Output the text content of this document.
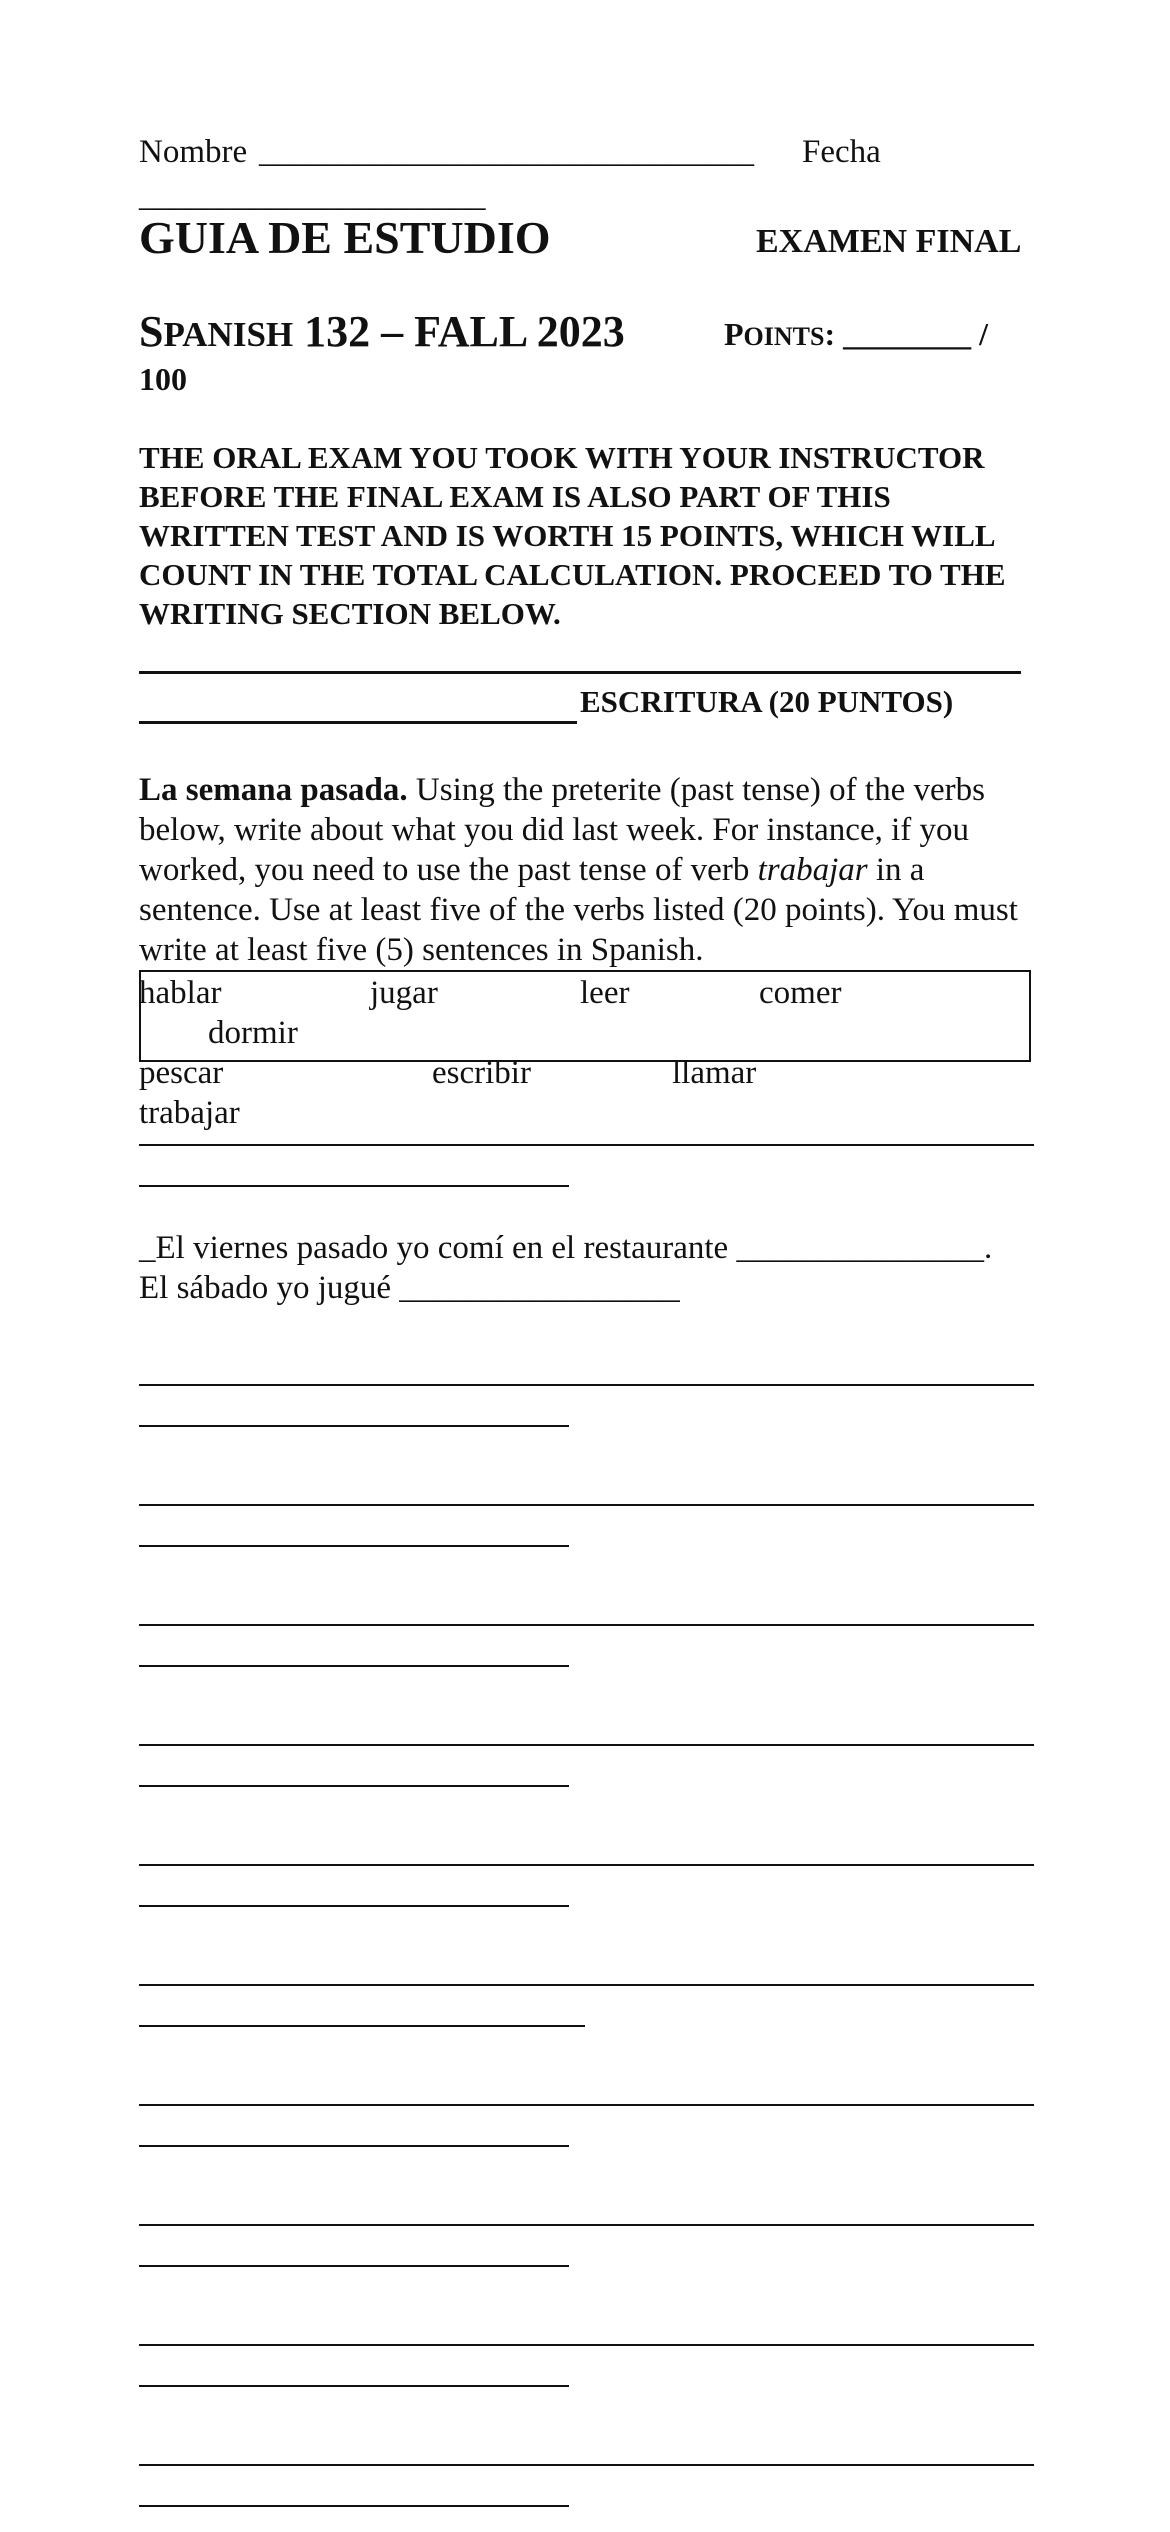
Nombre ______________________________ Fecha
_____________________
GUIA DE ESTUDIO	EXAMEN FINAL
SPANISH 132 – FALL 2023	POINTS: ________ /
100
THE ORAL EXAM YOU TOOK WITH YOUR INSTRUCTOR BEFORE THE FINAL EXAM IS ALSO PART OF THIS WRITTEN TEST AND IS WORTH 15 POINTS, WHICH WILL COUNT IN THE TOTAL CALCULATION. PROCEED TO THE WRITING SECTION BELOW.
ESCRITURA (20 PUNTOS)
La semana pasada. Using the preterite (past tense) of the verbs below, write about what you did last week. For instance, if you worked, you need to use the past tense of verb trabajar in a sentence. Use at least five of the verbs listed (20 points). You must write at least five (5) sentences in Spanish.
hablar	jugar	leer	comer
dormir
pescar	escribir	llamar
trabajar
_El viernes pasado yo comí en el restaurante _______________.
El sábado yo jugué _________________
